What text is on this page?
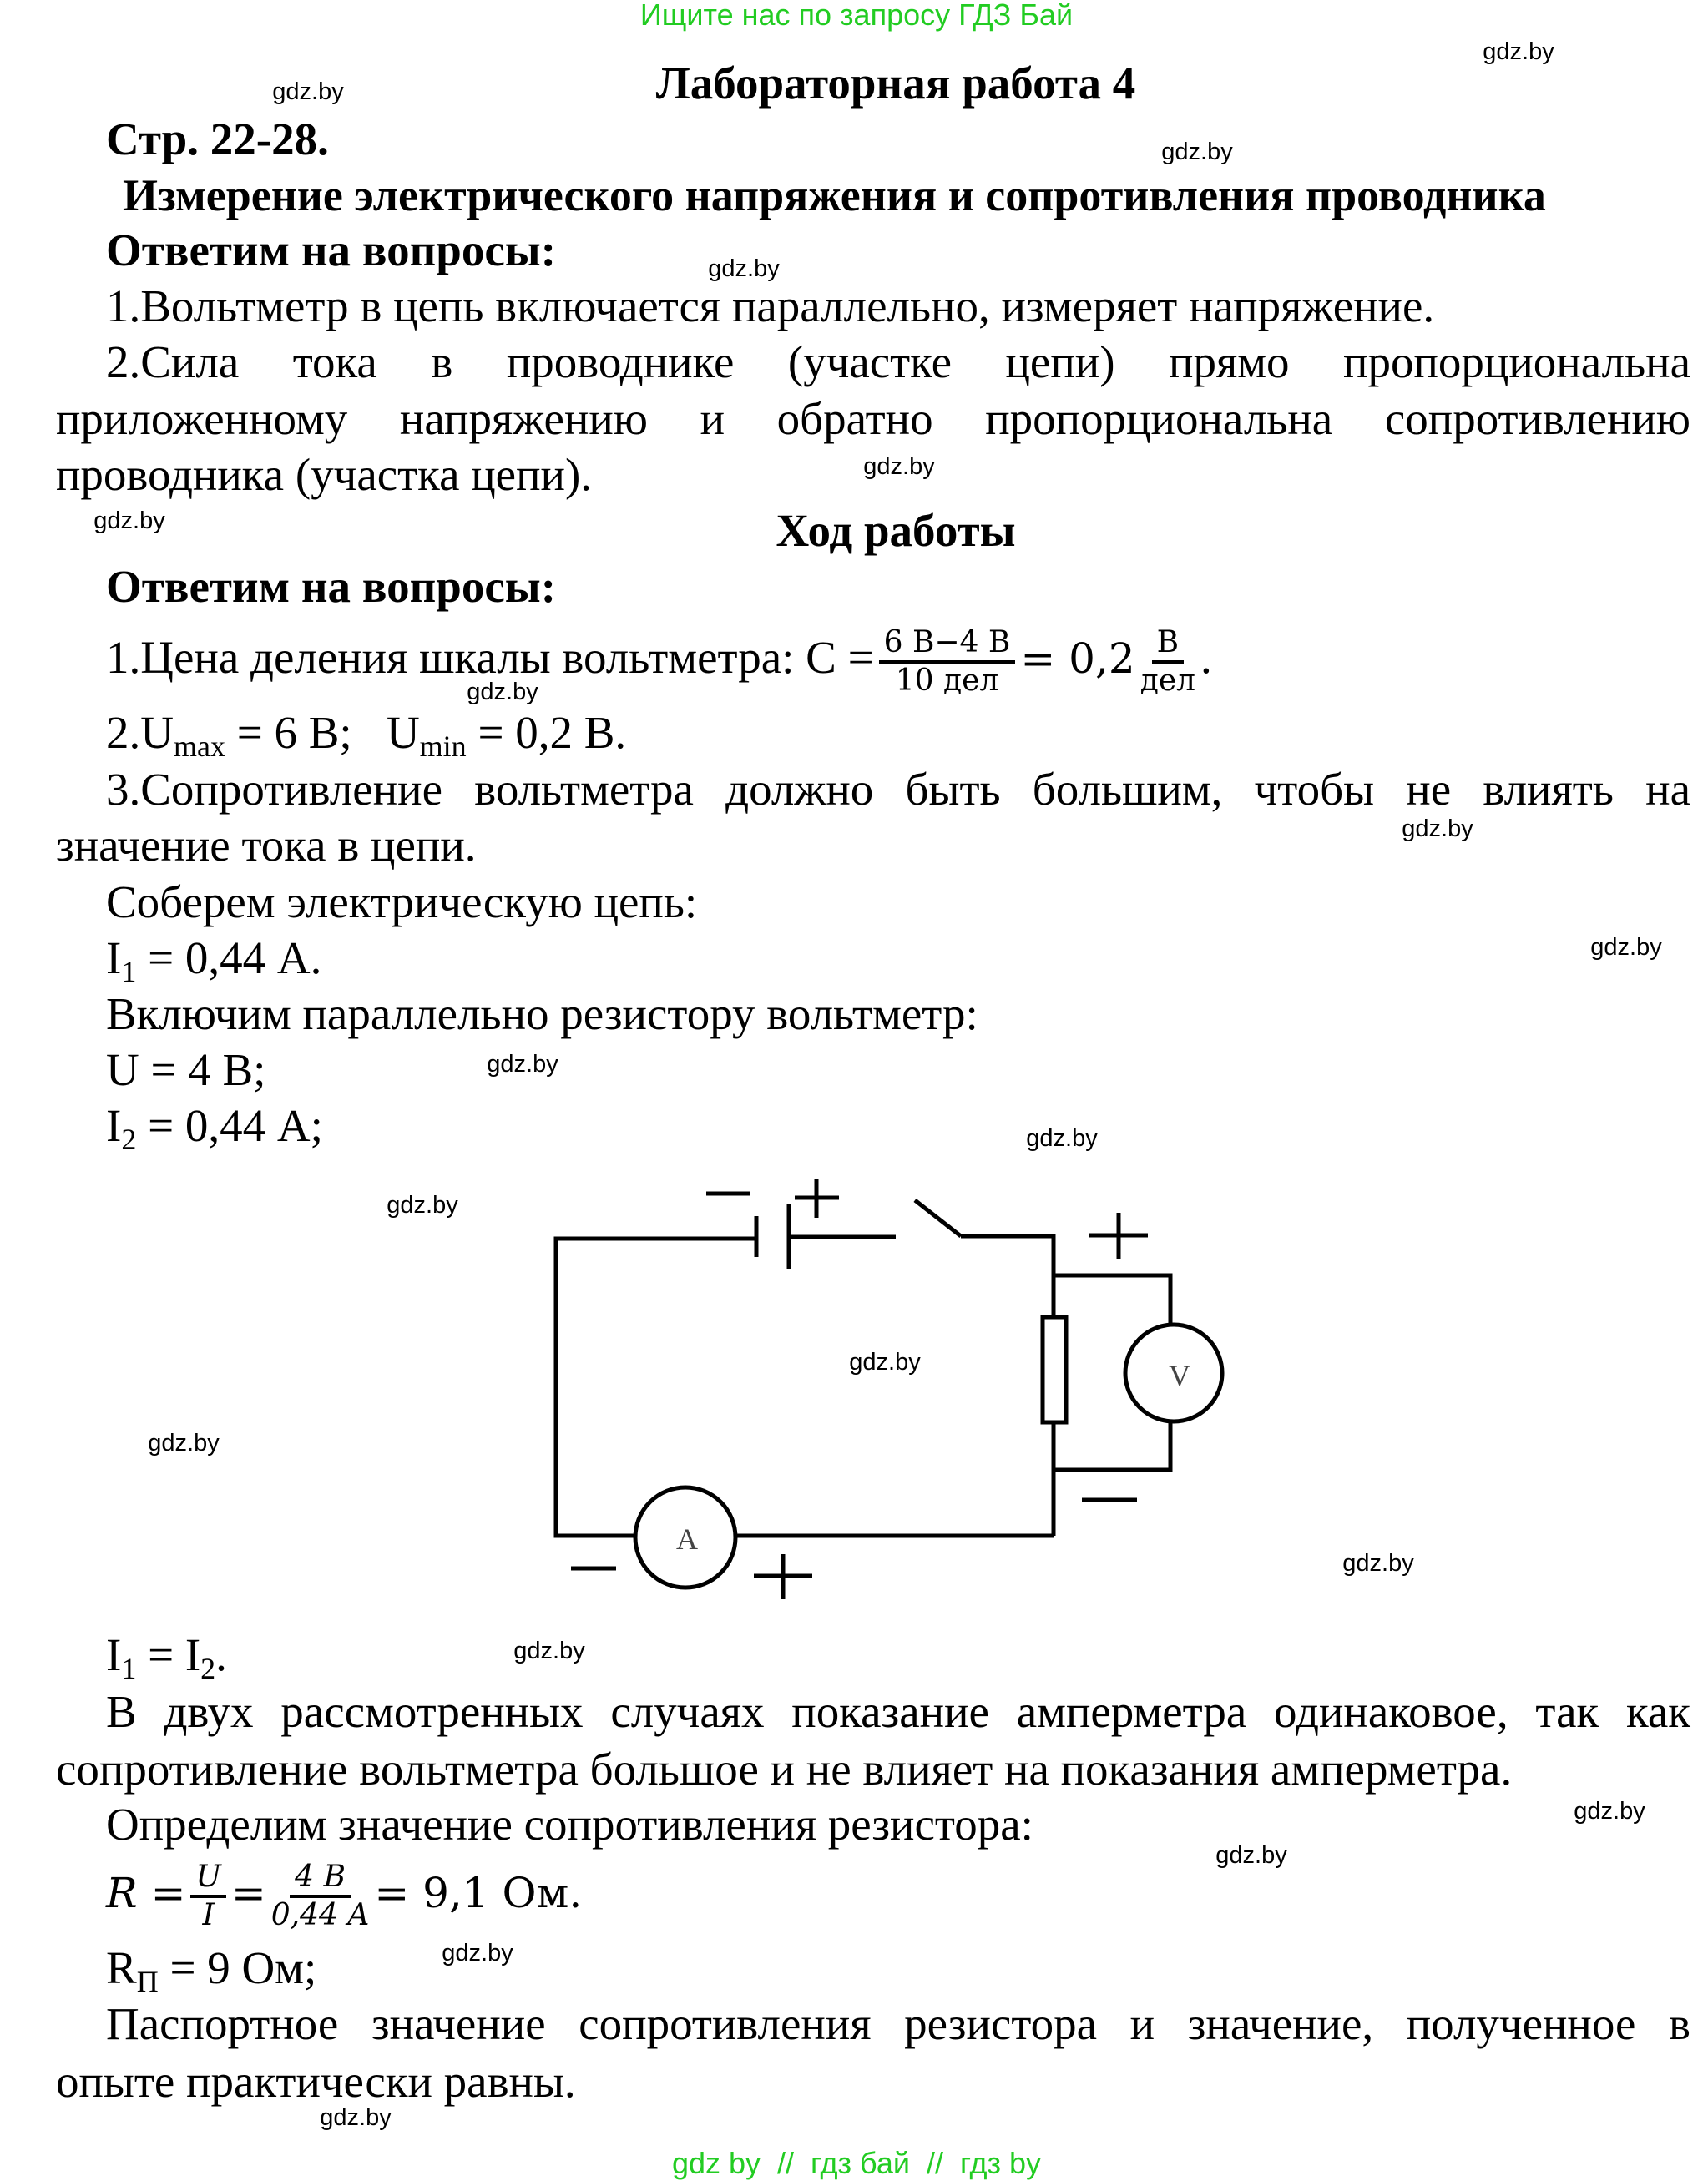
Ищите нас по запросу ГДЗ Бай
Лабораторная работа 4
Стр. 22-28.
Измерение электрического напряжения и сопротивления проводника
Ответим на вопросы:
1.Вольтметр в цепь включается параллельно, измеряет напряжение.
2.Сила тока в проводнике (участке цепи) прямо пропорциональна
приложенному напряжению и обратно пропорциональна сопротивлению
проводника (участка цепи).
Ход работы
Ответим на вопросы:
1.Цена деления шкалы вольтметра: $С = \frac{6 В-4 В}{\text{10 дел}} = 0,2 \frac{В}{\text{дел}}$ .
$2.U_{max} = 6$ В;   $U_{min} = 0,2$ В.
3.Сопротивление вольтметра должно быть большим, чтобы не влиять на
значение тока в цепи.
Соберем электрическую цепь:
$I_1 = 0,44$ А.
Включим параллельно резистору вольтметр:
U = 4 В;
$I_2 = 0,44$ А;
V
A
$I_1 = I_2$.
В двух рассмотренных случаях показание амперметра одинаковое, так как
сопротивление вольтметра большое и не влияет на показания амперметра.
Определим значение сопротивления резистора:
$R = \frac{U}{I} = \frac{4 B}{0,44 A} = 9,1$ Ом.
$R_П = 9$ Ом;
Паспортное значение сопротивления резистора и значение, полученное в
опыте практически равны.
gdz by  //  гдз бай  //  гдз by
gdz.by
gdz.by
gdz.by
gdz.by
gdz.by
gdz.by
gdz.by
gdz.by
gdz.by
gdz.by
gdz.by
gdz.by
gdz.by
gdz.by
gdz.by
gdz.by
gdz.by
gdz.by
gdz.by
gdz.by
